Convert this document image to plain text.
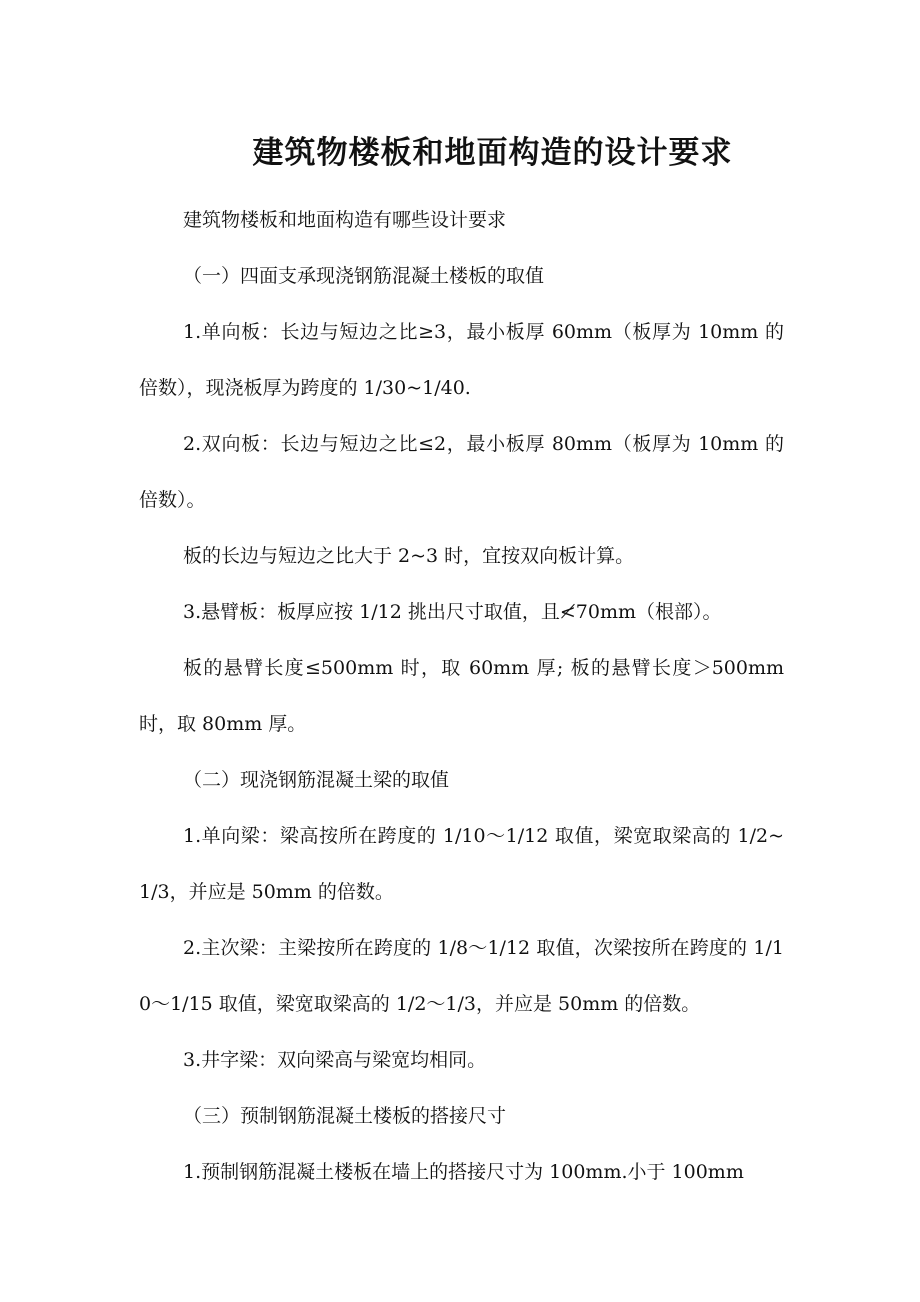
建筑物楼板和地面构造的设计要求

建筑物楼板和地面构造有哪些设计要求

（一）四面支承现浇钢筋混凝土楼板的取值

1.单向板：长边与短边之比≥3，最小板厚 60mm（板厚为 10mm 的倍数），现浇板厚为跨度的 1/30~1/40.

2.双向板：长边与短边之比≤2，最小板厚 80mm（板厚为 10mm 的倍数）。

板的长边与短边之比大于 2~3 时，宜按双向板计算。

3.悬臂板：板厚应按 1/12 挑出尺寸取值，且≮70mm（根部）。

板的悬臂长度≤500mm 时，取 60mm 厚; 板的悬臂长度＞500mm 时，取 80mm 厚。

（二）现浇钢筋混凝土梁的取值

1.单向梁：梁高按所在跨度的 1/10～1/12 取值，梁宽取梁高的 1/2~1/3，并应是 50mm 的倍数。

2.主次梁：主梁按所在跨度的 1/8～1/12 取值，次梁按所在跨度的 1/10～1/15 取值，梁宽取梁高的 1/2～1/3，并应是 50mm 的倍数。

3.井字梁：双向梁高与梁宽均相同。

（三）预制钢筋混凝土楼板的搭接尺寸

1.预制钢筋混凝土楼板在墙上的搭接尺寸为 100mm.小于 100mm
